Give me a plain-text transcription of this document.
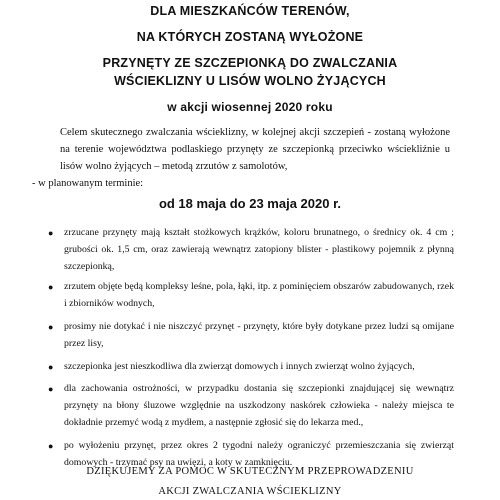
DLA MIESZKAŃCÓW TERENÓW,
NA KTÓRYCH ZOSTANĄ WYŁOŻONE
PRZYNĘTY ZE SZCZEPIONKĄ DO ZWALCZANIA
WŚCIEKLIZNY U LISÓW WOLNO ŻYJĄCYCH
w akcji wiosennej 2020 roku
Celem skutecznego zwalczania wścieklizny, w kolejnej akcji szczepień - zostaną wyłożone na terenie województwa podlaskiego przynęty ze szczepionką przeciwko wściekliźnie u lisów wolno żyjących – metodą zrzutów z samolotów,
- w planowanym terminie:
od 18 maja do 23 maja 2020 r.
● zrzucane przynęty mają kształt stożkowych krążków, koloru brunatnego, o średnicy ok. 4 cm ; grubości ok. 1,5 cm, oraz zawierają wewnątrz zatopiony blister - plastikowy pojemnik z płynną szczepionką,
● zrzutem objęte będą kompleksy leśne, pola, łąki, itp. z pominięciem obszarów zabudowanych, rzek i zbiorników wodnych,
● prosimy nie dotykać i nie niszczyć przynęt - przynęty, które były dotykane przez ludzi są omijane przez lisy,
● szczepionka jest nieszkodliwa dla zwierząt domowych i innych zwierząt wolno żyjących,
● dla zachowania ostrożności, w przypadku dostania się szczepionki znajdującej się wewnątrz przynęty na błony śluzowe względnie na uszkodzony naskórek człowieka - należy miejsca te dokładnie przemyć wodą z mydłem, a następnie zgłosić się do lekarza med.,
● po wyłożeniu przynęt, przez okres 2 tygodni należy ograniczyć przemieszczania się zwierząt domowych - trzymać psy na uwięzi, a koty w zamknięciu.
DZIĘKUJEMY ZA POMOC W SKUTECZNYM PRZEPROWADZENIU
AKCJI ZWALCZANIA WŚCIEKLIZNY
